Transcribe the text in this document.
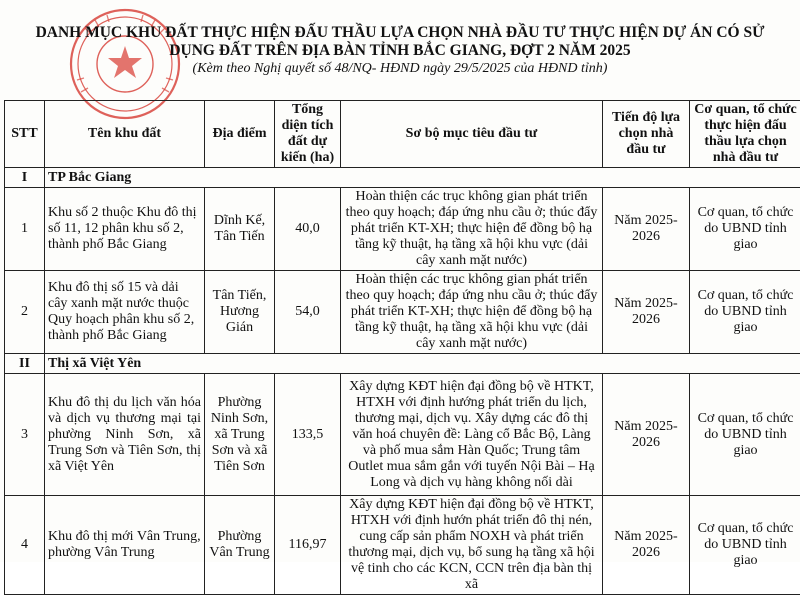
DANH MỤC KHU ĐẤT THỰC HIỆN ĐẤU THẦU LỰA CHỌN NHÀ ĐẦU TƯ THỰC HIỆN DỰ ÁN CÓ SỬ
DỤNG ĐẤT TRÊN ĐỊA BÀN TỈNH BẮC GIANG, ĐỢT 2 NĂM 2025
(Kèm theo Nghị quyết số 48/NQ- HĐND ngày 29/5/2025 của HĐND tỉnh)
STT	Tên khu đất	Địa điểm	Tổng diện tích đất dự kiến (ha)	Sơ bộ mục tiêu đầu tư	Tiến độ lựa chọn nhà đầu tư	Cơ quan, tổ chức thực hiện đấu thầu lựa chọn nhà đầu tư
I	TP Bắc Giang					
1	Khu số 2 thuộc Khu đô thị số 11, 12 phân khu số 2, thành phố Bắc Giang	Dĩnh Kế, Tân Tiến	40,0	Hoàn thiện các trục không gian phát triển theo quy hoạch; đáp ứng nhu cầu ở; thúc đẩy phát triển KT-XH; thực hiện để đồng bộ hạ tầng kỹ thuật, hạ tầng xã hội khu vực (dải cây xanh mặt nước)	Năm 2025-2026	Cơ quan, tổ chức do UBND tỉnh giao
2	Khu đô thị số 15 và dải cây xanh mặt nước thuộc Quy hoạch phân khu số 2, thành phố Bắc Giang	Tân Tiến, Hương Gián	54,0	Hoàn thiện các trục không gian phát triển theo quy hoạch; đáp ứng nhu cầu ở; thúc đẩy phát triển KT-XH; thực hiện để đồng bộ hạ tầng kỹ thuật, hạ tầng xã hội khu vực (dải cây xanh mặt nước)	Năm 2025-2026	Cơ quan, tổ chức do UBND tỉnh giao
II	Thị xã Việt Yên					
3	Khu đô thị du lịch văn hóa và dịch vụ thương mại tại phường Ninh Sơn, xã Trung Sơn và Tiên Sơn, thị xã Việt Yên	Phường Ninh Sơn, xã Trung Sơn và xã Tiên Sơn	133,5	Xây dựng KĐT hiện đại đồng bộ về HTKT, HTXH với định hướng phát triển du lịch, thương mại, dịch vụ. Xây dựng các đô thị văn hoá chuyên đề: Làng cổ Bắc Bộ, Làng và phố mua sắm Hàn Quốc; Trung tâm Outlet mua sắm gắn với tuyến Nội Bài – Hạ Long và dịch vụ hàng không nối dài	Năm 2025-2026	Cơ quan, tổ chức do UBND tỉnh giao
4	Khu đô thị mới Vân Trung, phường Vân Trung	Phường Vân Trung	116,97	Xây dựng KĐT hiện đại đồng bộ về HTKT, HTXH với định hướn phát triển đô thị nén, cung cấp sản phẩm NOXH và phát triển thương mại, dịch vụ, bổ sung hạ tầng xã hội vệ tinh cho các KCN, CCN trên địa bàn thị xã	Năm 2025-2026	Cơ quan, tổ chức do UBND tỉnh giao
